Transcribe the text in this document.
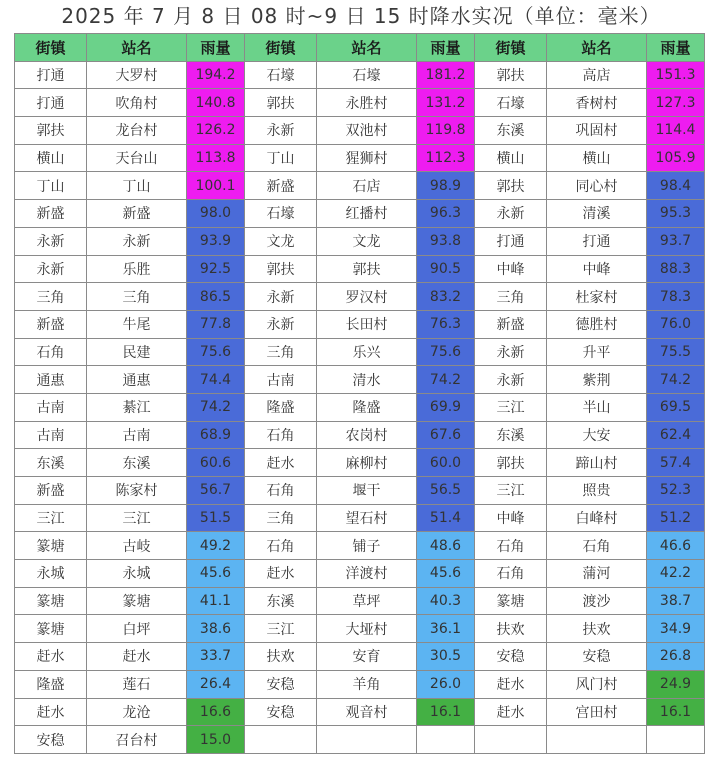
2025 年 7 月 8 日 08 时~9 日 15 时降水实况（单位：毫米）
街镇	站名	雨量	街镇	站名	雨量	街镇	站名	雨量
打通	大罗村	194.2	石壕	石壕	181.2	郭扶	高店	151.3
打通	吹角村	140.8	郭扶	永胜村	131.2	石壕	香树村	127.3
郭扶	龙台村	126.2	永新	双池村	119.8	东溪	巩固村	114.4
横山	天台山	113.8	丁山	猩狮村	112.3	横山	横山	105.9
丁山	丁山	100.1	新盛	石店	98.9	郭扶	同心村	98.4
新盛	新盛	98.0	石壕	红播村	96.3	永新	清溪	95.3
永新	永新	93.9	文龙	文龙	93.8	打通	打通	93.7
永新	乐胜	92.5	郭扶	郭扶	90.5	中峰	中峰	88.3
三角	三角	86.5	永新	罗汉村	83.2	三角	杜家村	78.3
新盛	牛尾	77.8	永新	长田村	76.3	新盛	德胜村	76.0
石角	民建	75.6	三角	乐兴	75.6	永新	升平	75.5
通惠	通惠	74.4	古南	清水	74.2	永新	紫荆	74.2
古南	綦江	74.2	隆盛	隆盛	69.9	三江	半山	69.5
古南	古南	68.9	石角	农岗村	67.6	东溪	大安	62.4
东溪	东溪	60.6	赶水	麻柳村	60.0	郭扶	蹄山村	57.4
新盛	陈家村	56.7	石角	堰干	56.5	三江	照贵	52.3
三江	三江	51.5	三角	望石村	51.4	中峰	白峰村	51.2
篆塘	古岐	49.2	石角	铺子	48.6	石角	石角	46.6
永城	永城	45.6	赶水	洋渡村	45.6	石角	蒲河	42.2
篆塘	篆塘	41.1	东溪	草坪	40.3	篆塘	渡沙	38.7
篆塘	白坪	38.6	三江	大垭村	36.1	扶欢	扶欢	34.9
赶水	赶水	33.7	扶欢	安育	30.5	安稳	安稳	26.8
隆盛	莲石	26.4	安稳	羊角	26.0	赶水	风门村	24.9
赶水	龙沧	16.6	安稳	观音村	16.1	赶水	宫田村	16.1
安稳	召台村	15.0						
